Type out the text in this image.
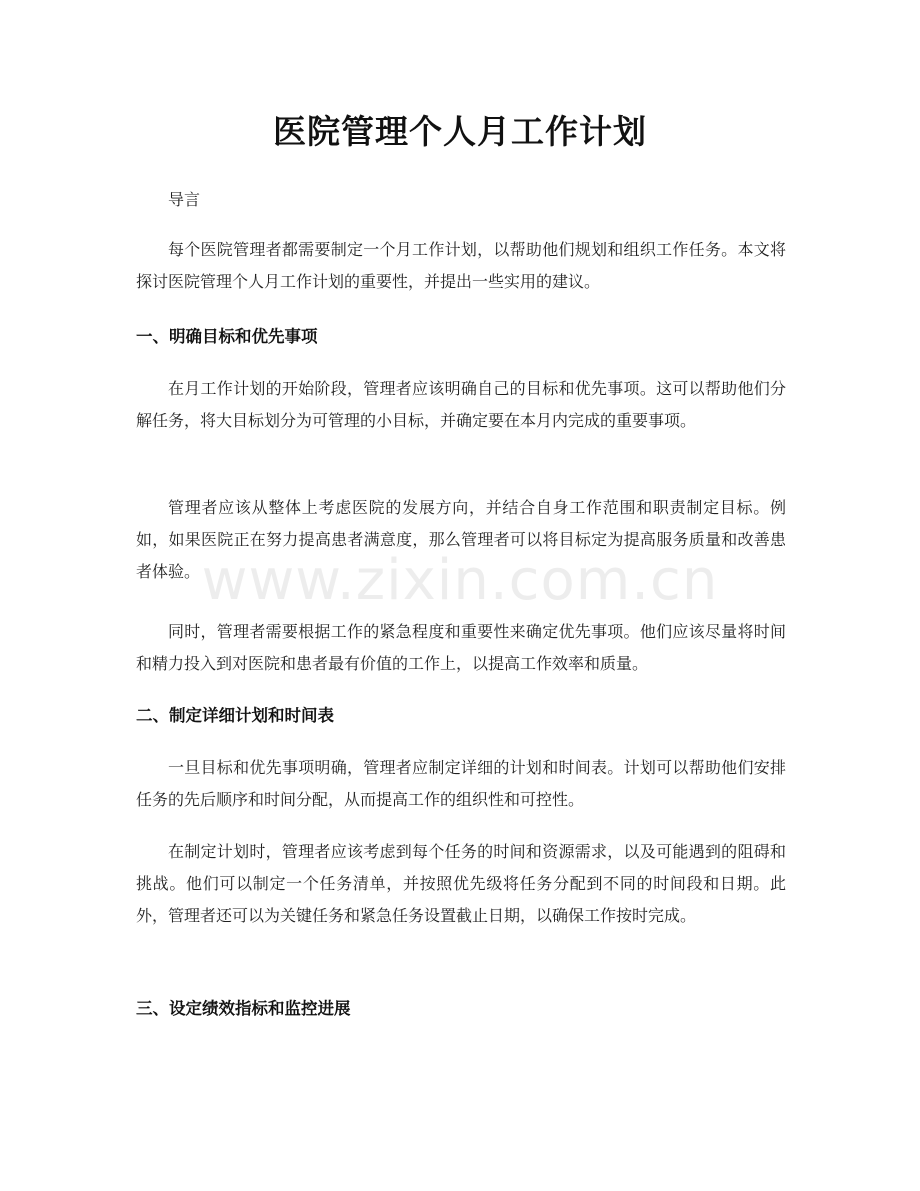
医院管理个人月工作计划
导言
每个医院管理者都需要制定一个月工作计划，以帮助他们规划和组织工作任务。本文将探讨医院管理个人月工作计划的重要性，并提出一些实用的建议。
一、明确目标和优先事项
在月工作计划的开始阶段，管理者应该明确自己的目标和优先事项。这可以帮助他们分解任务，将大目标划分为可管理的小目标，并确定要在本月内完成的重要事项。
管理者应该从整体上考虑医院的发展方向，并结合自身工作范围和职责制定目标。例如，如果医院正在努力提高患者满意度，那么管理者可以将目标定为提高服务质量和改善患者体验。
同时，管理者需要根据工作的紧急程度和重要性来确定优先事项。他们应该尽量将时间和精力投入到对医院和患者最有价值的工作上，以提高工作效率和质量。
二、制定详细计划和时间表
一旦目标和优先事项明确，管理者应制定详细的计划和时间表。计划可以帮助他们安排任务的先后顺序和时间分配，从而提高工作的组织性和可控性。
在制定计划时，管理者应该考虑到每个任务的时间和资源需求，以及可能遇到的阻碍和挑战。他们可以制定一个任务清单，并按照优先级将任务分配到不同的时间段和日期。此外，管理者还可以为关键任务和紧急任务设置截止日期，以确保工作按时完成。
三、设定绩效指标和监控进展
www.zixin.com.cn
